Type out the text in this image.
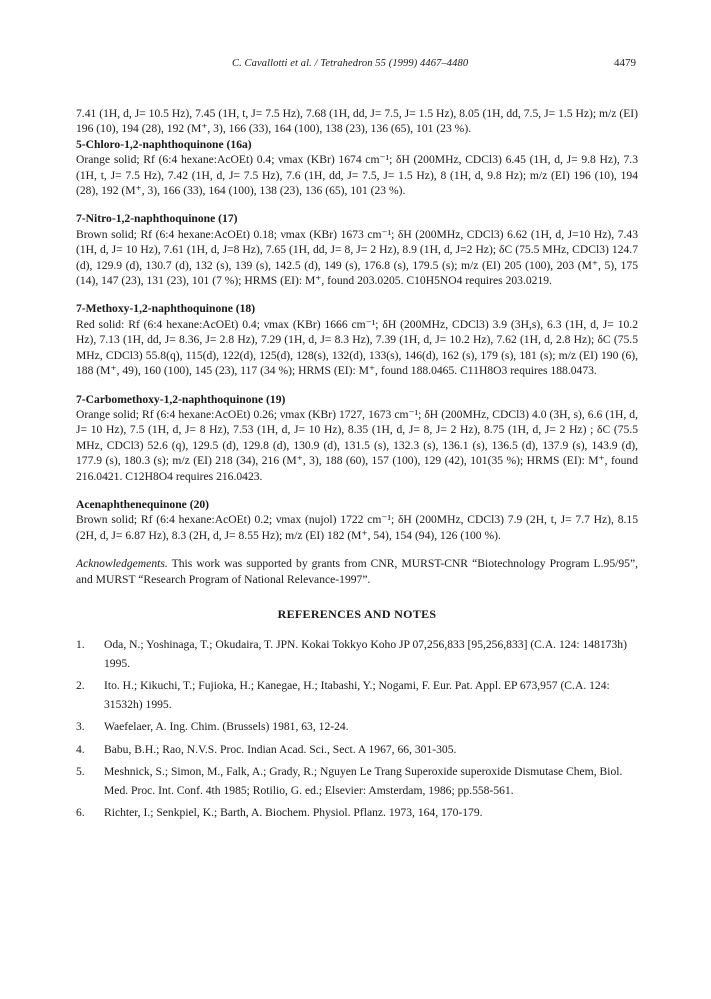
C. Cavallotti et al. / Tetrahedron 55 (1999) 4467–4480	4479

7.41 (1H, d, J= 10.5 Hz), 7.45 (1H, t, J= 7.5 Hz), 7.68 (1H, dd, J= 7.5, J= 1.5 Hz), 8.05 (1H, dd, 7.5, J= 1.5 Hz); m/z (EI) 196 (10), 194 (28), 192 (M⁺, 3), 166 (33), 164 (100), 138 (23), 136 (65), 101 (23 %).

5-Chloro-1,2-naphthoquinone (16a)

Orange solid; Rf (6:4 hexane:AcOEt) 0.4; νmax (KBr) 1674 cm⁻¹; δH (200MHz, CDCl3) 6.45 (1H, d, J= 9.8 Hz), 7.3 (1H, t, J= 7.5 Hz), 7.42 (1H, d, J= 7.5 Hz), 7.6 (1H, dd, J= 7.5, J= 1.5 Hz), 8 (1H, d, 9.8 Hz); m/z (EI) 196 (10), 194 (28), 192 (M⁺, 3), 166 (33), 164 (100), 138 (23), 136 (65), 101 (23 %).

7-Nitro-1,2-naphthoquinone (17)

Brown solid; Rf (6:4 hexane:AcOEt) 0.18; νmax (KBr) 1673 cm⁻¹; δH (200MHz, CDCl3) 6.62 (1H, d, J=10 Hz), 7.43 (1H, d, J= 10 Hz), 7.61 (1H, d, J=8 Hz), 7.65 (1H, dd, J= 8, J= 2 Hz), 8.9 (1H, d, J=2 Hz); δC (75.5 MHz, CDCl3) 124.7 (d), 129.9 (d), 130.7 (d), 132 (s), 139 (s), 142.5 (d), 149 (s), 176.8 (s), 179.5 (s); m/z (EI) 205 (100), 203 (M⁺, 5), 175 (14), 147 (23), 131 (23), 101 (7 %); HRMS (EI): M⁺, found 203.0205. C10H5NO4 requires 203.0219.

7-Methoxy-1,2-naphthoquinone (18)

Red solid: Rf (6:4 hexane:AcOEt) 0.4; νmax (KBr) 1666 cm⁻¹; δH (200MHz, CDCl3) 3.9 (3H,s), 6.3 (1H, d, J= 10.2 Hz), 7.13 (1H, dd, J= 8.36, J= 2.8 Hz), 7.29 (1H, d, J= 8.3 Hz), 7.39 (1H, d, J= 10.2 Hz), 7.62 (1H, d, 2.8 Hz); δC (75.5 MHz, CDCl3) 55.8(q), 115(d), 122(d), 125(d), 128(s), 132(d), 133(s), 146(d), 162 (s), 179 (s), 181 (s); m/z (EI) 190 (6), 188 (M⁺, 49), 160 (100), 145 (23), 117 (34 %); HRMS (EI): M⁺, found 188.0465. C11H8O3 requires 188.0473.

7-Carbomethoxy-1,2-naphthoquinone (19)

Orange solid; Rf (6:4 hexane:AcOEt) 0.26; νmax (KBr) 1727, 1673 cm⁻¹; δH (200MHz, CDCl3) 4.0 (3H, s), 6.6 (1H, d, J= 10 Hz), 7.5 (1H, d, J= 8 Hz), 7.53 (1H, d, J= 10 Hz), 8.35 (1H, d, J= 8, J= 2 Hz), 8.75 (1H, d, J= 2 Hz) ; δC (75.5 MHz, CDCl3) 52.6 (q), 129.5 (d), 129.8 (d), 130.9 (d), 131.5 (s), 132.3 (s), 136.1 (s), 136.5 (d), 137.9 (s), 143.9 (d), 177.9 (s), 180.3 (s); m/z (EI) 218 (34), 216 (M⁺, 3), 188 (60), 157 (100), 129 (42), 101(35 %); HRMS (EI): M⁺, found 216.0421. C12H8O4 requires 216.0423.

Acenaphthenequinone (20)

Brown solid; Rf (6:4 hexane:AcOEt) 0.2; νmax (nujol) 1722 cm⁻¹; δH (200MHz, CDCl3) 7.9 (2H, t, J= 7.7 Hz), 8.15 (2H, d, J= 6.87 Hz), 8.3 (2H, d, J= 8.55 Hz); m/z (EI) 182 (M⁺, 54), 154 (94), 126 (100 %).

Acknowledgements. This work was supported by grants from CNR, MURST-CNR “Biotechnology Program L.95/95”, and MURST “Research Program of National Relevance-1997”.

REFERENCES AND NOTES
1.	Oda, N.; Yoshinaga, T.; Okudaira, T. JPN. Kokai Tokkyo Koho JP 07,256,833 [95,256,833] (C.A. 124: 148173h) 1995.
2.	Ito. H.; Kikuchi, T.; Fujioka, H.; Kanegae, H.; Itabashi, Y.; Nogami, F. Eur. Pat. Appl. EP 673,957 (C.A. 124: 31532h) 1995.
3.	Waefelaer, A. Ing. Chim. (Brussels) 1981, 63, 12-24.
4.	Babu, B.H.; Rao, N.V.S. Proc. Indian Acad. Sci., Sect. A 1967, 66, 301-305.
5.	Meshnick, S.; Simon, M., Falk, A.; Grady, R.; Nguyen Le Trang Superoxide superoxide Dismutase Chem, Biol. Med. Proc. Int. Conf. 4th 1985; Rotilio, G. ed.; Elsevier: Amsterdam, 1986; pp.558-561.
6.	Richter, I.; Senkpiel, K.; Barth, A. Biochem. Physiol. Pflanz. 1973, 164, 170-179.
